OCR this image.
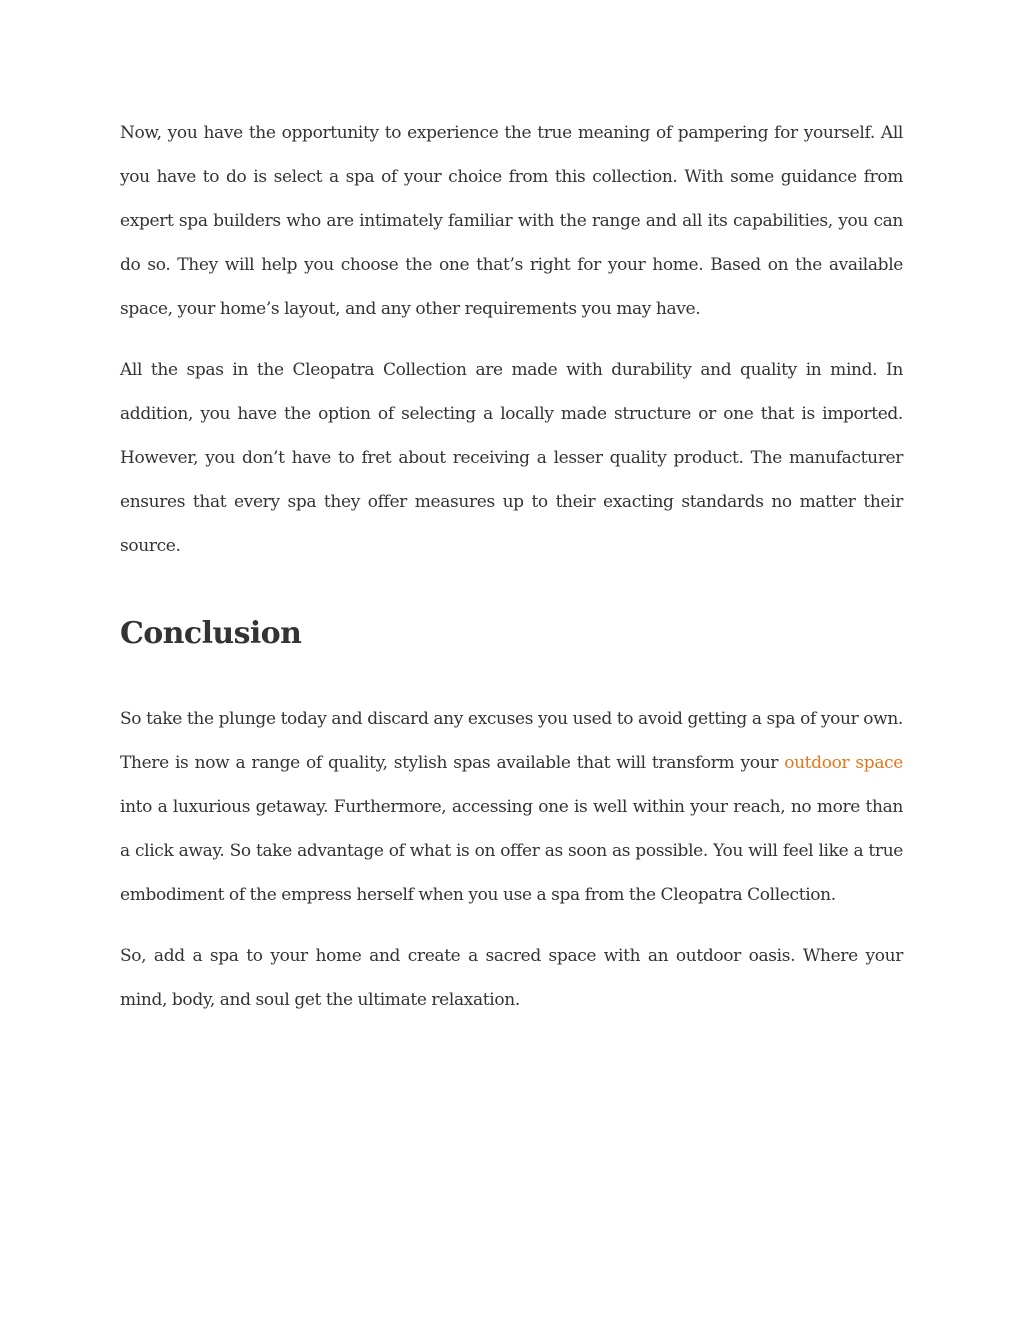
Now, you have the opportunity to experience the true meaning of pampering for yourself. All you have to do is select a spa of your choice from this collection. With some guidance from expert spa builders who are intimately familiar with the range and all its capabilities, you can do so. They will help you choose the one that’s right for your home. Based on the available space, your home’s layout, and any other requirements you may have.

All the spas in the Cleopatra Collection are made with durability and quality in mind. In addition, you have the option of selecting a locally made structure or one that is imported. However, you don’t have to fret about receiving a lesser quality product. The manufacturer ensures that every spa they offer measures up to their exacting standards no matter their source.

Conclusion

So take the plunge today and discard any excuses you used to avoid getting a spa of your own. There is now a range of quality, stylish spas available that will transform your outdoor space into a luxurious getaway. Furthermore, accessing one is well within your reach, no more than a click away. So take advantage of what is on offer as soon as possible. You will feel like a true embodiment of the empress herself when you use a spa from the Cleopatra Collection.

So, add a spa to your home and create a sacred space with an outdoor oasis. Where your mind, body, and soul get the ultimate relaxation.
